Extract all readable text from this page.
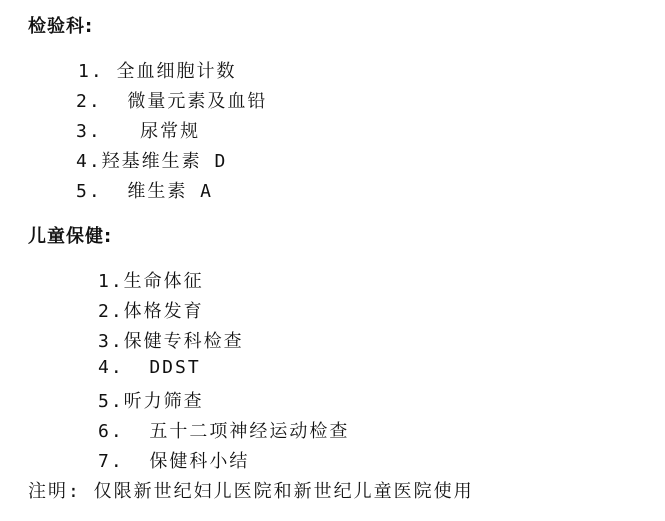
检验科:
1. 全血细胞计数
2.  微量元素及血铅
3.   尿常规
4.羟基维生素 D
5.  维生素 A
儿童保健:
1.生命体征
2.体格发育
3.保健专科检查
4.  DDST
5.听力筛查
6.  五十二项神经运动检查
7.  保健科小结
注明: 仅限新世纪妇儿医院和新世纪儿童医院使用
